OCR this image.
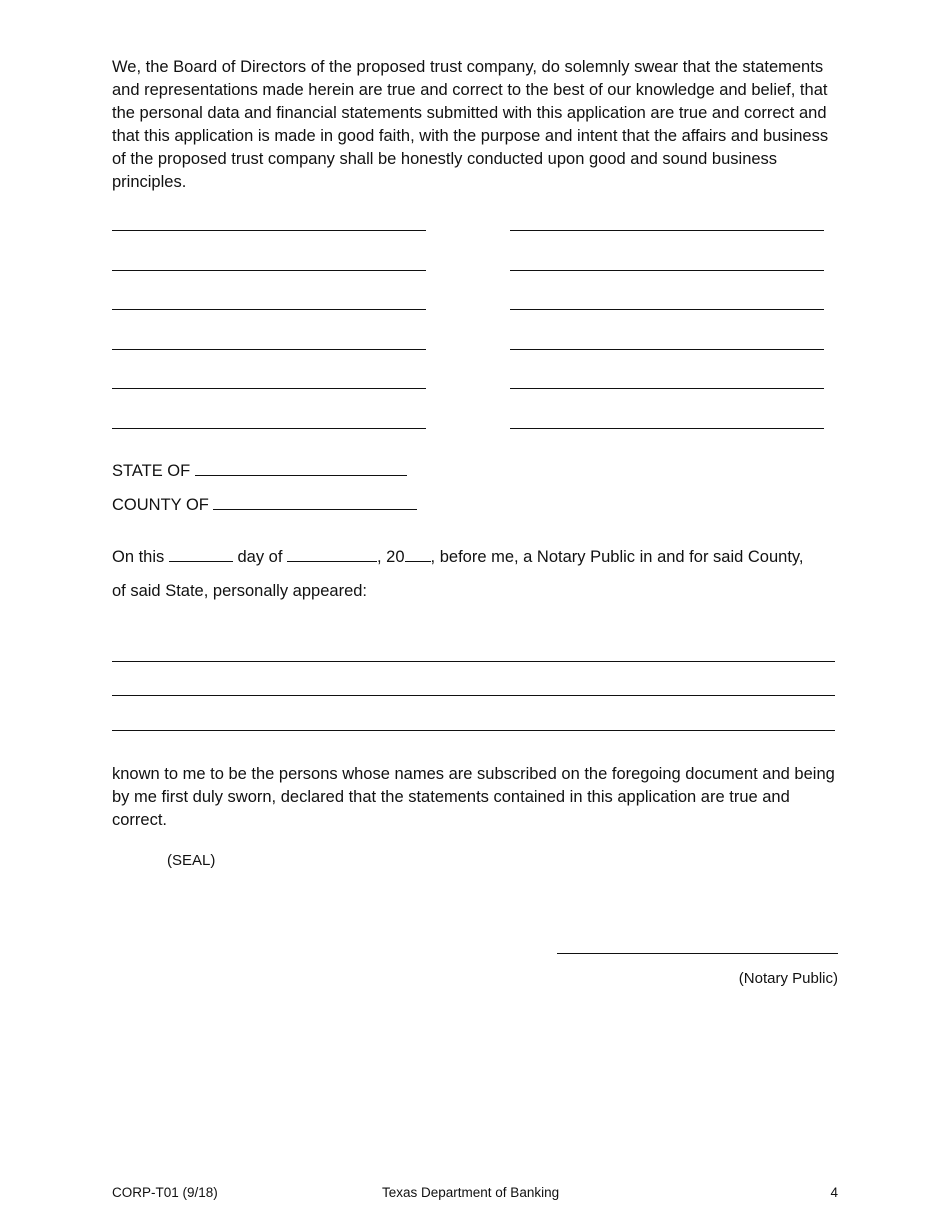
We, the Board of Directors of the proposed trust company, do solemnly swear that the statements and representations made herein are true and correct to the best of our knowledge and belief, that the personal data and financial statements submitted with this application are true and correct and that this application is made in good faith, with the purpose and intent that the affairs and business of the proposed trust company shall be honestly conducted upon good and sound business principles.

STATE OF
COUNTY OF
On this	day of	, 20 , before me, a Notary Public in and for said County,
of said State, personally appeared:

known to me to be the persons whose names are subscribed on the foregoing document and being by me first duly sworn, declared that the statements contained in this application are true and correct.

(SEAL)
(Notary Public)
CORP-T01 (9/18)	Texas Department of Banking	4
